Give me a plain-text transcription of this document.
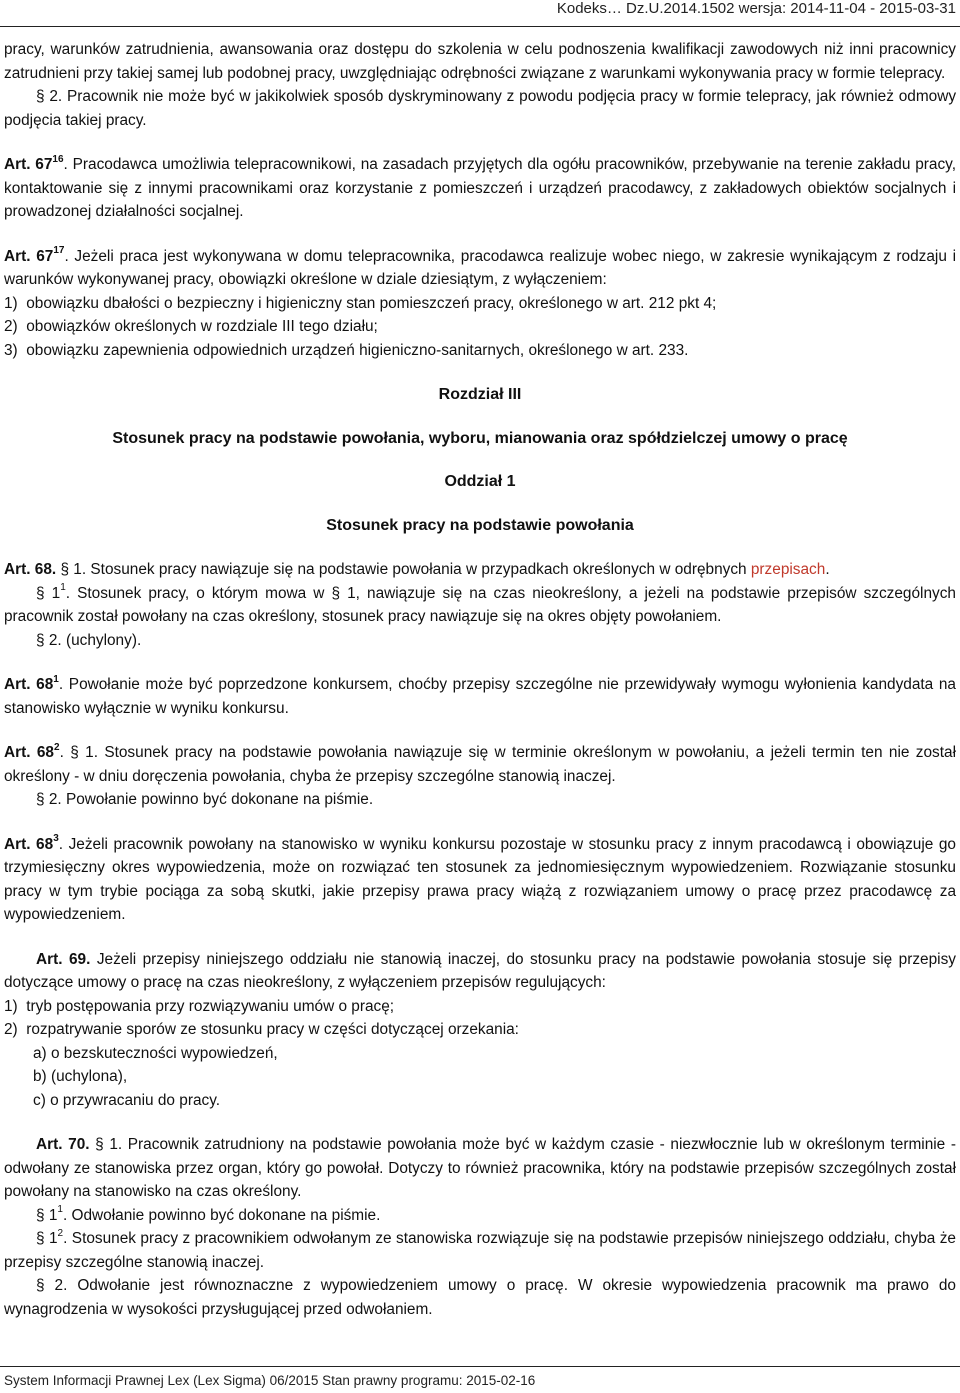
Kodeks… Dz.U.2014.1502 wersja: 2014-11-04 - 2015-03-31

pracy, warunków zatrudnienia, awansowania oraz dostępu do szkolenia w celu podnoszenia kwalifikacji zawodowych niż inni pracownicy zatrudnieni przy takiej samej lub podobnej pracy, uwzględniając odrębności związane z warunkami wykonywania pracy w formie telepracy.

§ 2. Pracownik nie może być w jakikolwiek sposób dyskryminowany z powodu podjęcia pracy w formie telepracy, jak również odmowy podjęcia takiej pracy.

Art. $67^{16}$. Pracodawca umożliwia telepracownikowi, na zasadach przyjętych dla ogółu pracowników, przebywanie na terenie zakładu pracy, kontaktowanie się z innymi pracownikami oraz korzystanie z pomieszczeń i urządzeń pracodawcy, z zakładowych obiektów socjalnych i prowadzonej działalności socjalnej.

Art. $67^{17}$. Jeżeli praca jest wykonywana w domu telepracownika, pracodawca realizuje wobec niego, w zakresie wynikającym z rodzaju i warunków wykonywanej pracy, obowiązki określone w dziale dziesiątym, z wyłączeniem:

1)  obowiązku dbałości o bezpieczny i higieniczny stan pomieszczeń pracy, określonego w art. 212 pkt 4;

2)  obowiązków określonych w rozdziale III tego działu;

3)  obowiązku zapewnienia odpowiednich urządzeń higieniczno-sanitarnych, określonego w art. 233.

Rozdział III

Stosunek pracy na podstawie powołania, wyboru, mianowania oraz spółdzielczej umowy o pracę

Oddział 1

Stosunek pracy na podstawie powołania

Art. 68. § 1. Stosunek pracy nawiązuje się na podstawie powołania w przypadkach określonych w odrębnych przepisach.

§ $1^1$. Stosunek pracy, o którym mowa w § 1, nawiązuje się na czas nieokreślony, a jeżeli na podstawie przepisów szczególnych pracownik został powołany na czas określony, stosunek pracy nawiązuje się na okres objęty powołaniem.

§ 2. (uchylony).

Art. $68^1$. Powołanie może być poprzedzone konkursem, choćby przepisy szczególne nie przewidywały wymogu wyłonienia kandydata na stanowisko wyłącznie w wyniku konkursu.

Art. $68^2$. § 1. Stosunek pracy na podstawie powołania nawiązuje się w terminie określonym w powołaniu, a jeżeli termin ten nie został określony - w dniu doręczenia powołania, chyba że przepisy szczególne stanowią inaczej.

§ 2. Powołanie powinno być dokonane na piśmie.

Art. $68^3$. Jeżeli pracownik powołany na stanowisko w wyniku konkursu pozostaje w stosunku pracy z innym pracodawcą i obowiązuje go trzymiesięczny okres wypowiedzenia, może on rozwiązać ten stosunek za jednomiesięcznym wypowiedzeniem. Rozwiązanie stosunku pracy w tym trybie pociąga za sobą skutki, jakie przepisy prawa pracy wiążą z rozwiązaniem umowy o pracę przez pracodawcę za wypowiedzeniem.

Art. 69. Jeżeli przepisy niniejszego oddziału nie stanowią inaczej, do stosunku pracy na podstawie powołania stosuje się przepisy dotyczące umowy o pracę na czas nieokreślony, z wyłączeniem przepisów regulujących:

1)  tryb postępowania przy rozwiązywaniu umów o pracę;

2)  rozpatrywanie sporów ze stosunku pracy w części dotyczącej orzekania:

a) o bezskuteczności wypowiedzeń,

b) (uchylona),

c) o przywracaniu do pracy.

Art. 70. § 1. Pracownik zatrudniony na podstawie powołania może być w każdym czasie - niezwłocznie lub w określonym terminie - odwołany ze stanowiska przez organ, który go powołał. Dotyczy to również pracownika, który na podstawie przepisów szczególnych został powołany na stanowisko na czas określony.

§ $1^1$. Odwołanie powinno być dokonane na piśmie.

§ $1^2$. Stosunek pracy z pracownikiem odwołanym ze stanowiska rozwiązuje się na podstawie przepisów niniejszego oddziału, chyba że przepisy szczególne stanowią inaczej.

§ 2. Odwołanie jest równoznaczne z wypowiedzeniem umowy o pracę. W okresie wypowiedzenia pracownik ma prawo do wynagrodzenia w wysokości przysługującej przed odwołaniem.

System Informacji Prawnej Lex (Lex Sigma) 06/2015 Stan prawny programu: 2015-02-16
